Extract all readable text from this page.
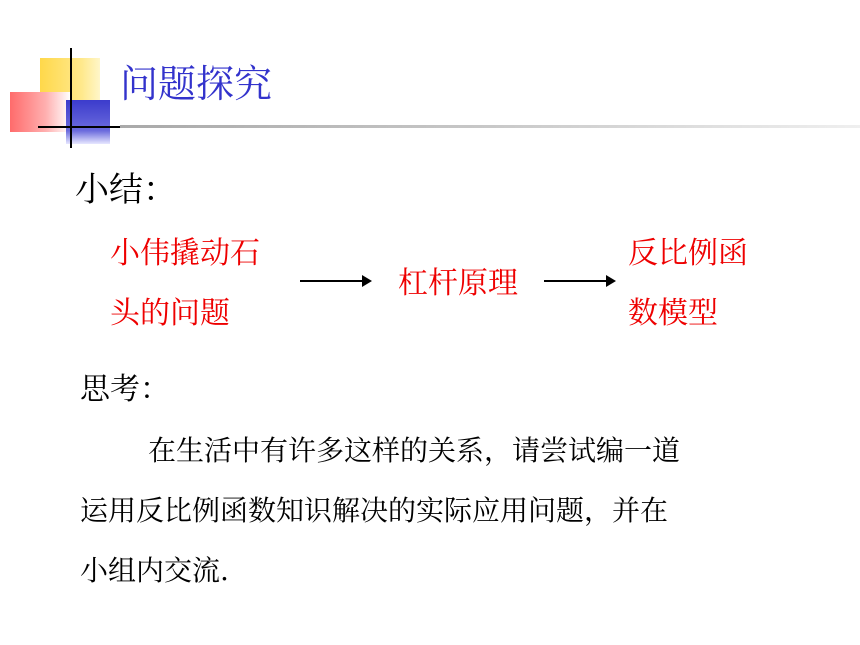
问题探究
小结：
小伟撬动石
头的问题
杠杆原理
反比例函
数模型
思考：
在生活中有许多这样的关系，请尝试编一道
运用反比例函数知识解决的实际应用问题，并在
小组内交流.
